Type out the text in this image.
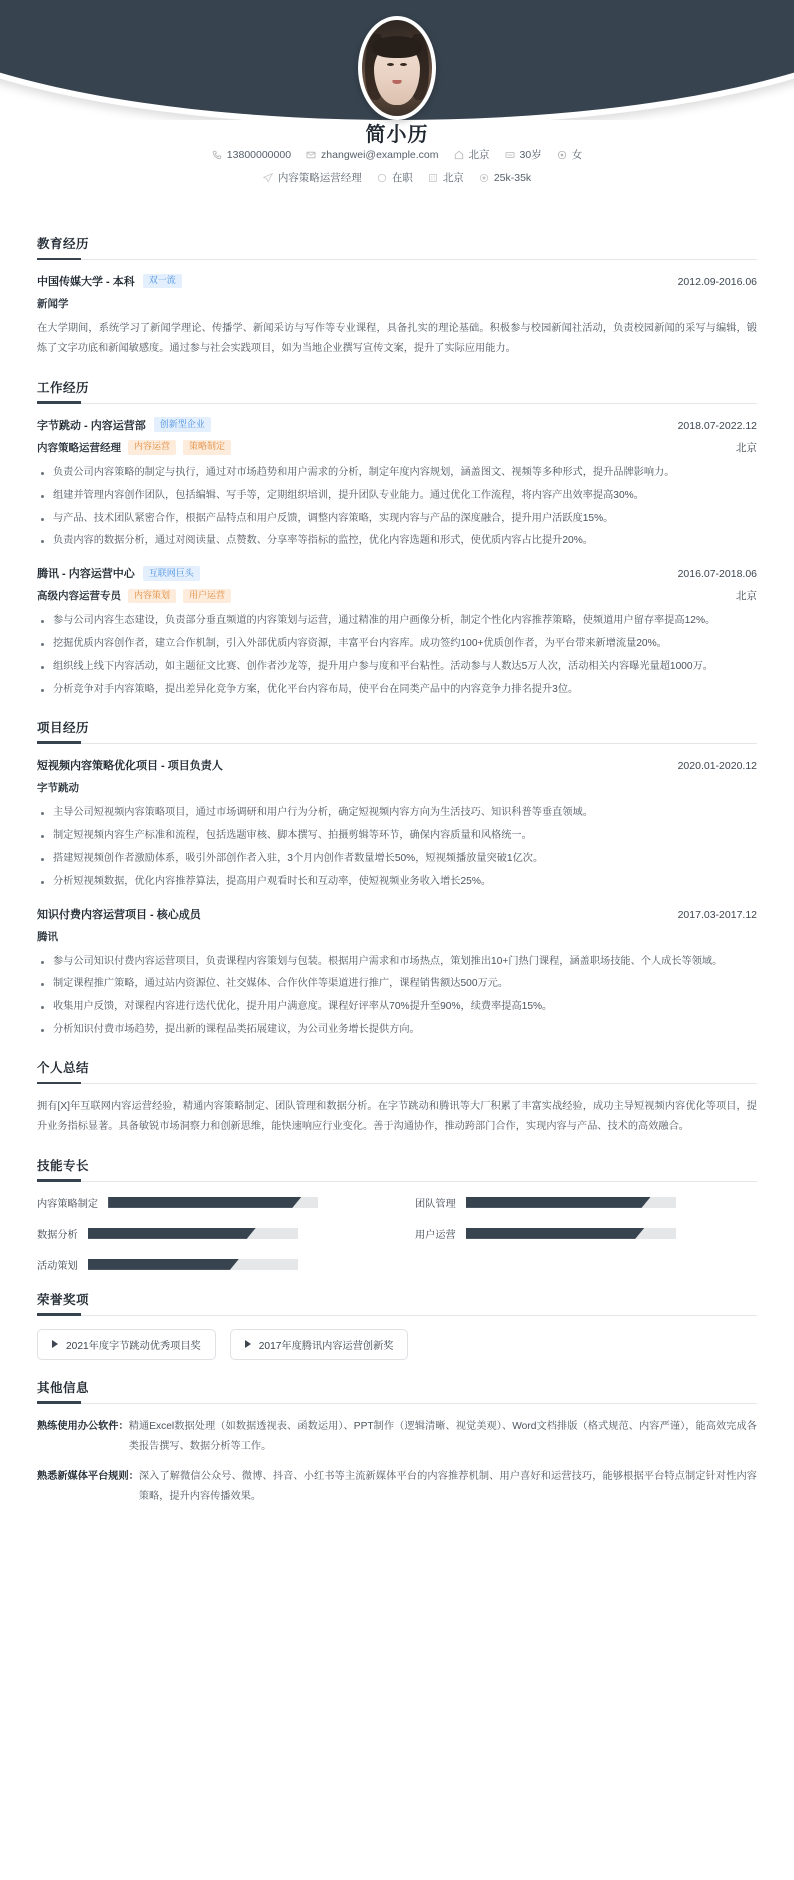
简小历
13800000000	zhangwei@example.com	北京	30岁	女
内容策略运营经理	在职	北京	25k-35k
教育经历
中国传媒大学 - 本科	双一流	2012.09-2016.06
新闻学
在大学期间，系统学习了新闻学理论、传播学、新闻采访与写作等专业课程，具备扎实的理论基础。积极参与校园新闻社活动，负责校园新闻的采写与编辑，锻炼了文字功底和新闻敏感度。通过参与社会实践项目，如为当地企业撰写宣传文案，提升了实际应用能力。
工作经历
字节跳动 - 内容运营部	创新型企业	2018.07-2022.12
内容策略运营经理	内容运营	策略制定	北京
负责公司内容策略的制定与执行，通过对市场趋势和用户需求的分析，制定年度内容规划，涵盖图文、视频等多种形式，提升品牌影响力。
组建并管理内容创作团队，包括编辑、写手等，定期组织培训，提升团队专业能力。通过优化工作流程，将内容产出效率提高30%。
与产品、技术团队紧密合作，根据产品特点和用户反馈，调整内容策略，实现内容与产品的深度融合，提升用户活跃度15%。
负责内容的数据分析，通过对阅读量、点赞数、分享率等指标的监控，优化内容选题和形式，使优质内容占比提升20%。
腾讯 - 内容运营中心	互联网巨头	2016.07-2018.06
高级内容运营专员	内容策划	用户运营	北京
参与公司内容生态建设，负责部分垂直频道的内容策划与运营，通过精准的用户画像分析，制定个性化内容推荐策略，使频道用户留存率提高12%。
挖掘优质内容创作者，建立合作机制，引入外部优质内容资源，丰富平台内容库。成功签约100+优质创作者，为平台带来新增流量20%。
组织线上线下内容活动，如主题征文比赛、创作者沙龙等，提升用户参与度和平台粘性。活动参与人数达5万人次，活动相关内容曝光量超1000万。
分析竞争对手内容策略，提出差异化竞争方案，优化平台内容布局，使平台在同类产品中的内容竞争力排名提升3位。
项目经历
短视频内容策略优化项目 - 项目负责人	2020.01-2020.12
字节跳动
主导公司短视频内容策略项目，通过市场调研和用户行为分析，确定短视频内容方向为生活技巧、知识科普等垂直领域。
制定短视频内容生产标准和流程，包括选题审核、脚本撰写、拍摄剪辑等环节，确保内容质量和风格统一。
搭建短视频创作者激励体系，吸引外部创作者入驻，3个月内创作者数量增长50%，短视频播放量突破1亿次。
分析短视频数据，优化内容推荐算法，提高用户观看时长和互动率，使短视频业务收入增长25%。
知识付费内容运营项目 - 核心成员	2017.03-2017.12
腾讯
参与公司知识付费内容运营项目，负责课程内容策划与包装。根据用户需求和市场热点，策划推出10+门热门课程，涵盖职场技能、个人成长等领域。
制定课程推广策略，通过站内资源位、社交媒体、合作伙伴等渠道进行推广，课程销售额达500万元。
收集用户反馈，对课程内容进行迭代优化，提升用户满意度。课程好评率从70%提升至90%，续费率提高15%。
分析知识付费市场趋势，提出新的课程品类拓展建议，为公司业务增长提供方向。
个人总结
拥有[X]年互联网内容运营经验，精通内容策略制定、团队管理和数据分析。在字节跳动和腾讯等大厂积累了丰富实战经验，成功主导短视频内容优化等项目，提升业务指标显著。具备敏锐市场洞察力和创新思维，能快速响应行业变化。善于沟通协作，推动跨部门合作，实现内容与产品、技术的高效融合。
技能专长
内容策略制定	团队管理
数据分析	用户运营
活动策划
荣誉奖项
2021年度字节跳动优秀项目奖	2017年度腾讯内容运营创新奖
其他信息
熟练使用办公软件： 精通Excel数据处理（如数据透视表、函数运用）、PPT制作（逻辑清晰、视觉美观）、Word文档排版（格式规范、内容严谨），能高效完成各类报告撰写、数据分析等工作。
熟悉新媒体平台规则： 深入了解微信公众号、微博、抖音、小红书等主流新媒体平台的内容推荐机制、用户喜好和运营技巧，能够根据平台特点制定针对性内容策略，提升内容传播效果。
